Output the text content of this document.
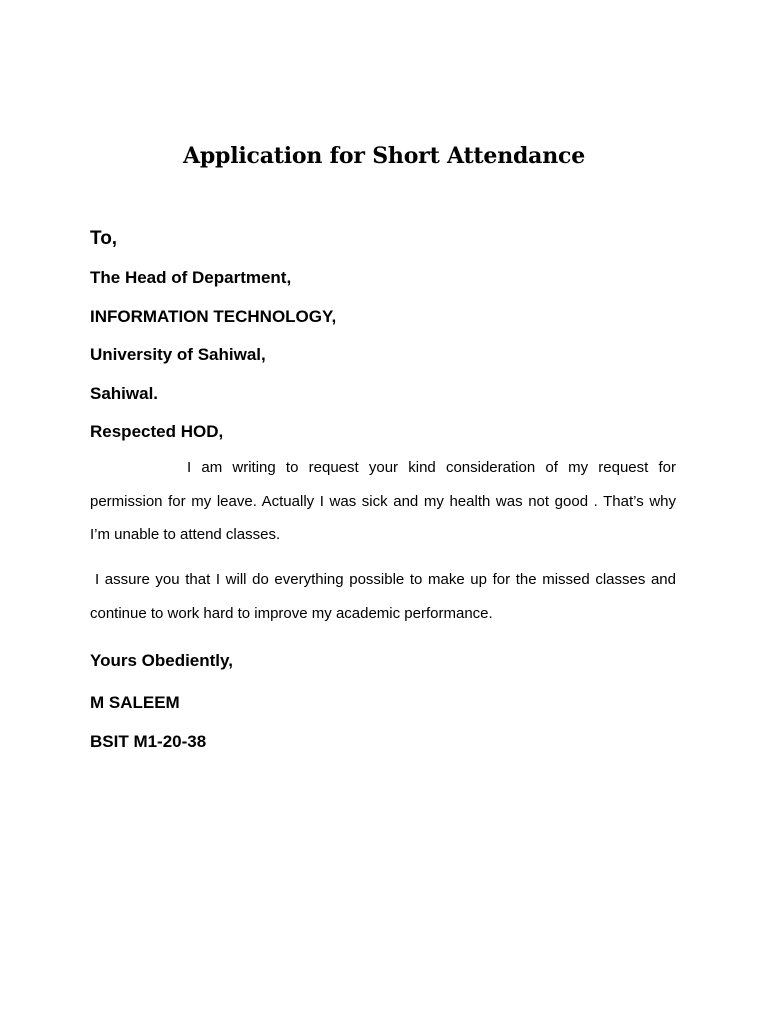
Application for Short Attendance
To,
The Head of Department,
INFORMATION TECHNOLOGY,
University of Sahiwal,
Sahiwal.
Respected HOD,

I am writing to request your kind consideration of my request for permission for my leave. Actually I was sick and my health was not good . That’s why I’m unable to attend classes.

I assure you that I will do everything possible to make up for the missed classes and continue to work hard to improve my academic performance.

Yours Obediently,
M SALEEM
BSIT M1-20-38
